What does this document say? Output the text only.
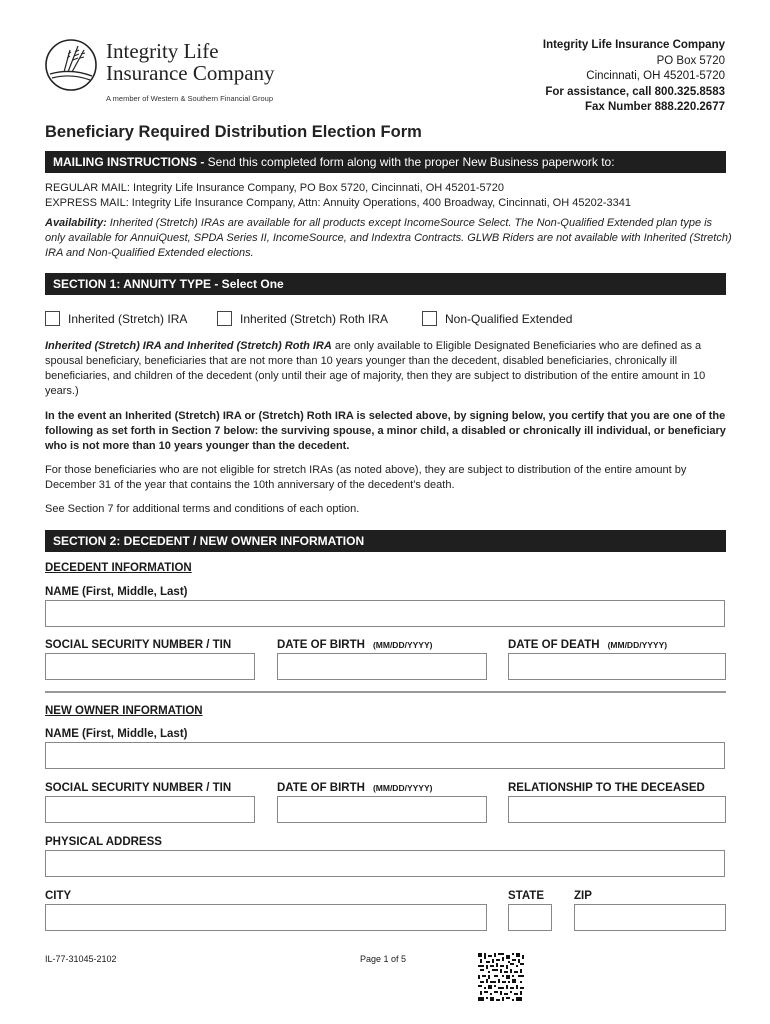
Integrity Life
Insurance Company
A member of Western & Southern Financial Group
Integrity Life Insurance Company
PO Box 5720
Cincinnati, OH 45201-5720
For assistance, call 800.325.8583
Fax Number 888.220.2677
Beneficiary Required Distribution Election Form
MAILING INSTRUCTIONS - Send this completed form along with the proper New Business paperwork to:
REGULAR MAIL: Integrity Life Insurance Company, PO Box 5720, Cincinnati, OH 45201-5720
EXPRESS MAIL: Integrity Life Insurance Company, Attn: Annuity Operations, 400 Broadway, Cincinnati, OH 45202-3341
Availability: Inherited (Stretch) IRAs are available for all products except IncomeSource Select. The Non-Qualified Extended plan type is only available for AnnuiQuest, SPDA Series II, IncomeSource, and Indextra Contracts. GLWB Riders are not available with Inherited (Stretch) IRA and Non-Qualified Extended elections.
SECTION 1: ANNUITY TYPE - Select One
Inherited (Stretch) IRA	Inherited (Stretch) Roth IRA	Non-Qualified Extended
Inherited (Stretch) IRA and Inherited (Stretch) Roth IRA are only available to Eligible Designated Beneficiaries who are defined as a spousal beneficiary, beneficiaries that are not more than 10 years younger than the decedent, disabled beneficiaries, chronically ill beneficiaries, and children of the decedent (only until their age of majority, then they are subject to distribution of the entire amount in 10 years.)
In the event an Inherited (Stretch) IRA or (Stretch) Roth IRA is selected above, by signing below, you certify that you are one of the following as set forth in Section 7 below: the surviving spouse, a minor child, a disabled or chronically ill individual, or beneficiary who is not more than 10 years younger than the decedent.
For those beneficiaries who are not eligible for stretch IRAs (as noted above), they are subject to distribution of the entire amount by December 31 of the year that contains the 10th anniversary of the decedent’s death.
See Section 7 for additional terms and conditions of each option.
SECTION 2: DECEDENT / NEW OWNER INFORMATION
DECEDENT INFORMATION
NAME (First, Middle, Last)
SOCIAL SECURITY NUMBER / TIN	DATE OF BIRTH (MM/DD/YYYY)	DATE OF DEATH (MM/DD/YYYY)
NEW OWNER INFORMATION
NAME (First, Middle, Last)
SOCIAL SECURITY NUMBER / TIN	DATE OF BIRTH (MM/DD/YYYY)	RELATIONSHIP TO THE DECEASED
PHYSICAL ADDRESS
CITY	STATE	ZIP
IL-77-31045-2102	Page 1 of 5
